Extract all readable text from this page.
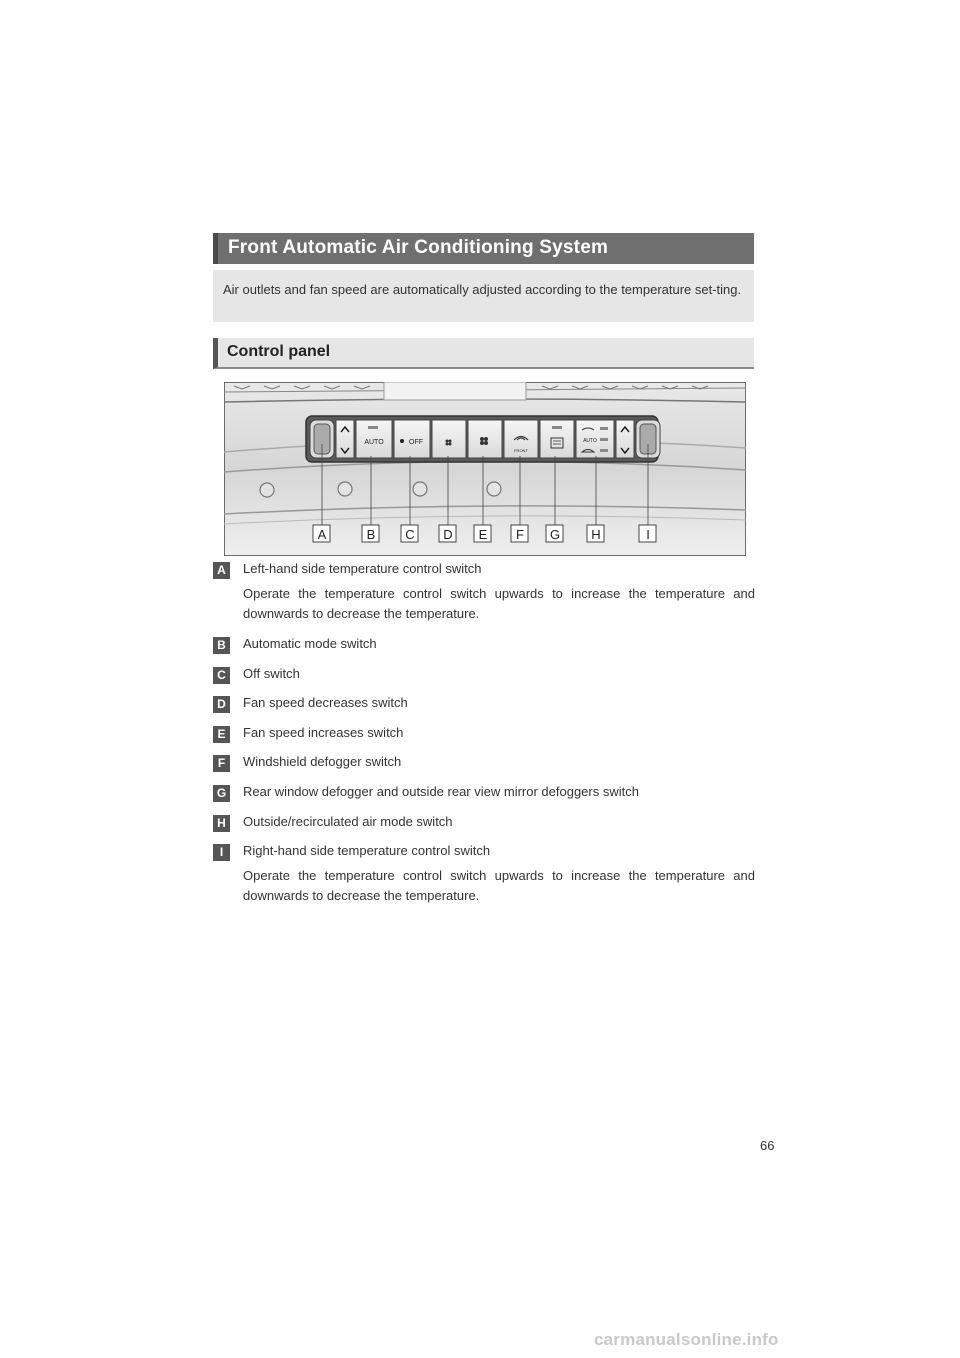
Front Automatic Air Conditioning System
Air outlets and fan speed are automatically adjusted according to the temperature set-ting.
Control panel
AUTO	OFF
FRONT
AUTO
A	B C D E F G H	I
A	Left-hand side temperature control switch
Operate the temperature control switch upwards to increase the temperature and downwards to decrease the temperature.
B	Automatic mode switch
C	Off switch
D	Fan speed decreases switch
E	Fan speed increases switch
F	Windshield defogger switch
G Rear window defogger and outside rear view mirror defoggers switch
H	Outside/recirculated air mode switch
I	Right-hand side temperature control switch
Operate the temperature control switch upwards to increase the temperature and downwards to decrease the temperature.
66
carmanualsonline.info
